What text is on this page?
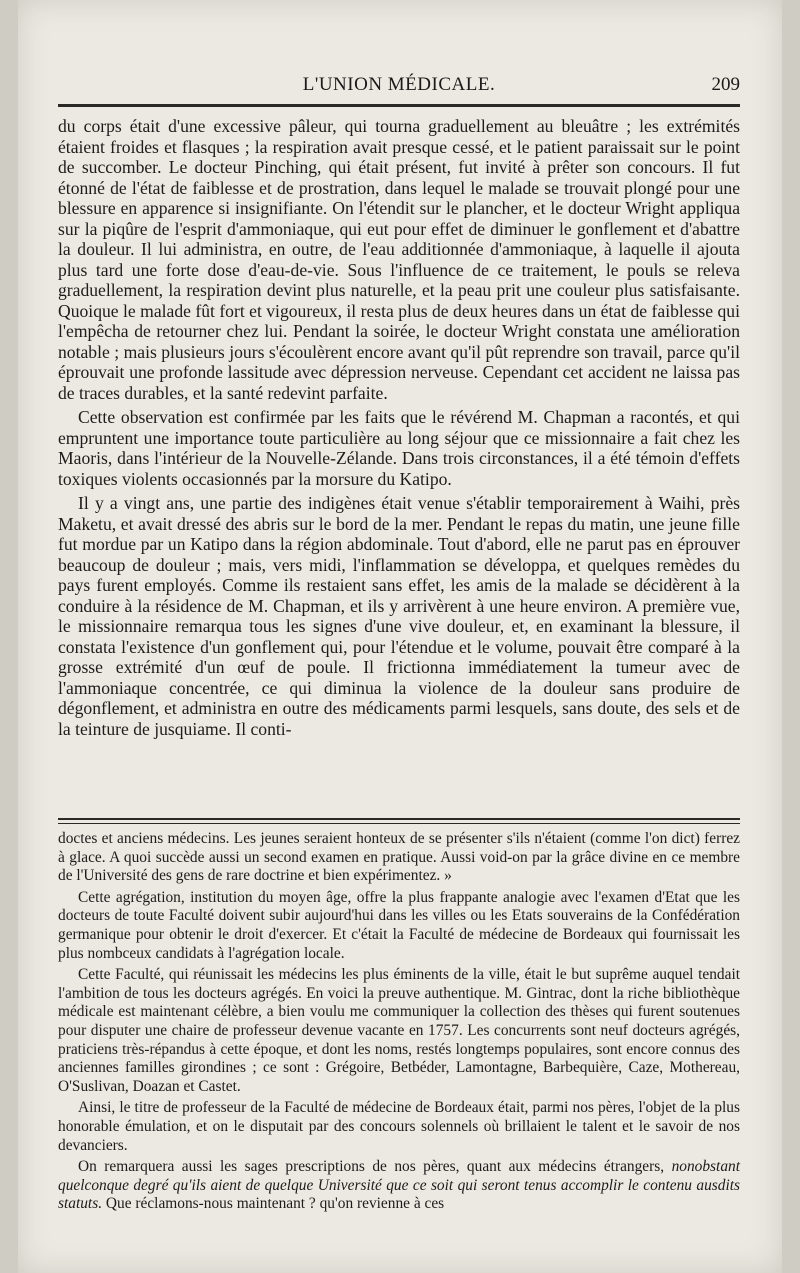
L'UNION MÉDICALE.	209

du corps était d'une excessive pâleur, qui tourna graduellement au bleuâtre ; les extrémités étaient froides et flasques ; la respiration avait presque cessé, et le patient paraissait sur le point de succomber. Le docteur Pinching, qui était présent, fut invité à prêter son concours. Il fut étonné de l'état de faiblesse et de prostration, dans lequel le malade se trouvait plongé pour une blessure en apparence si insignifiante. On l'étendit sur le plancher, et le docteur Wright appliqua sur la piqûre de l'esprit d'ammoniaque, qui eut pour effet de diminuer le gonflement et d'abattre la douleur. Il lui administra, en outre, de l'eau additionnée d'ammoniaque, à laquelle il ajouta plus tard une forte dose d'eau-de-vie. Sous l'influence de ce traitement, le pouls se releva graduellement, la respiration devint plus naturelle, et la peau prit une couleur plus satisfaisante. Quoique le malade fût fort et vigoureux, il resta plus de deux heures dans un état de faiblesse qui l'empêcha de retourner chez lui. Pendant la soirée, le docteur Wright constata une amélioration notable ; mais plusieurs jours s'écoulèrent encore avant qu'il pût reprendre son travail, parce qu'il éprouvait une profonde lassitude avec dépression nerveuse. Cependant cet accident ne laissa pas de traces durables, et la santé redevint parfaite.

Cette observation est confirmée par les faits que le révérend M. Chapman a racontés, et qui empruntent une importance toute particulière au long séjour que ce missionnaire a fait chez les Maoris, dans l'intérieur de la Nouvelle-Zélande. Dans trois circonstances, il a été témoin d'effets toxiques violents occasionnés par la morsure du Katipo.

Il y a vingt ans, une partie des indigènes était venue s'établir temporairement à Waihi, près Maketu, et avait dressé des abris sur le bord de la mer. Pendant le repas du matin, une jeune fille fut mordue par un Katipo dans la région abdominale. Tout d'abord, elle ne parut pas en éprouver beaucoup de douleur ; mais, vers midi, l'inflammation se développa, et quelques remèdes du pays furent employés. Comme ils restaient sans effet, les amis de la malade se décidèrent à la conduire à la résidence de M. Chapman, et ils y arrivèrent à une heure environ. A première vue, le missionnaire remarqua tous les signes d'une vive douleur, et, en examinant la blessure, il constata l'existence d'un gonflement qui, pour l'étendue et le volume, pouvait être comparé à la grosse extrémité d'un œuf de poule. Il frictionna immédiatement la tumeur avec de l'ammoniaque concentrée, ce qui diminua la violence de la douleur sans produire de dégonflement, et administra en outre des médicaments parmi lesquels, sans doute, des sels et de la teinture de jusquiame. Il conti-

doctes et anciens médecins. Les jeunes seraient honteux de se présenter s'ils n'étaient (comme l'on dict) ferrez à glace. A quoi succède aussi un second examen en pratique. Aussi void-on par la grâce divine en ce membre de l'Université des gens de rare doctrine et bien expérimentez. »

Cette agrégation, institution du moyen âge, offre la plus frappante analogie avec l'examen d'Etat que les docteurs de toute Faculté doivent subir aujourd'hui dans les villes ou les Etats souverains de la Confédération germanique pour obtenir le droit d'exercer. Et c'était la Faculté de médecine de Bordeaux qui fournissait les plus nombceux candidats à l'agrégation locale.

Cette Faculté, qui réunissait les médecins les plus éminents de la ville, était le but suprême auquel tendait l'ambition de tous les docteurs agrégés. En voici la preuve authentique. M. Gintrac, dont la riche bibliothèque médicale est maintenant célèbre, a bien voulu me communiquer la collection des thèses qui furent soutenues pour disputer une chaire de professeur devenue vacante en 1757. Les concurrents sont neuf docteurs agrégés, praticiens très-répandus à cette époque, et dont les noms, restés longtemps populaires, sont encore connus des anciennes familles girondines ; ce sont : Grégoire, Betbéder, Lamontagne, Barbequière, Caze, Mothereau, O'Suslivan, Doazan et Castet.

Ainsi, le titre de professeur de la Faculté de médecine de Bordeaux était, parmi nos pères, l'objet de la plus honorable émulation, et on le disputait par des concours solennels où brillaient le talent et le savoir de nos devanciers.

On remarquera aussi les sages prescriptions de nos pères, quant aux médecins étrangers, nonobstant quelconque degré qu'ils aient de quelque Université que ce soit qui seront tenus accomplir le contenu ausdits statuts. Que réclamons-nous maintenant ? qu'on revienne à ces
